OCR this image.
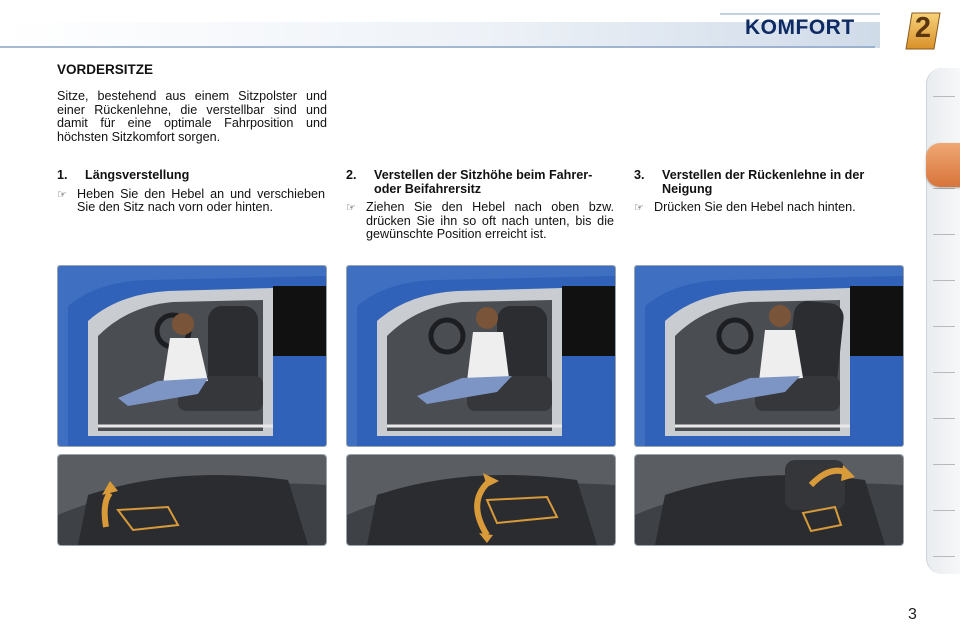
KOMFORT	2
VORDERSITZE
Sitze, bestehend aus einem Sitzpolster und einer Rückenlehne, die verstellbar sind und damit für eine optimale Fahrposition und höchsten Sitzkomfort sorgen.
1.	Längsverstellung
☞ Heben Sie den Hebel an und verschieben Sie den Sitz nach vorn oder hinten.
2.	Verstellen der Sitzhöhe beim Fahrer- oder Beifahrersitz
☞ Ziehen Sie den Hebel nach oben bzw. drücken Sie ihn so oft nach unten, bis die gewünschte Position erreicht ist.
3.	Verstellen der Rückenlehne in der Neigung
☞ Drücken Sie den Hebel nach hinten.
3
